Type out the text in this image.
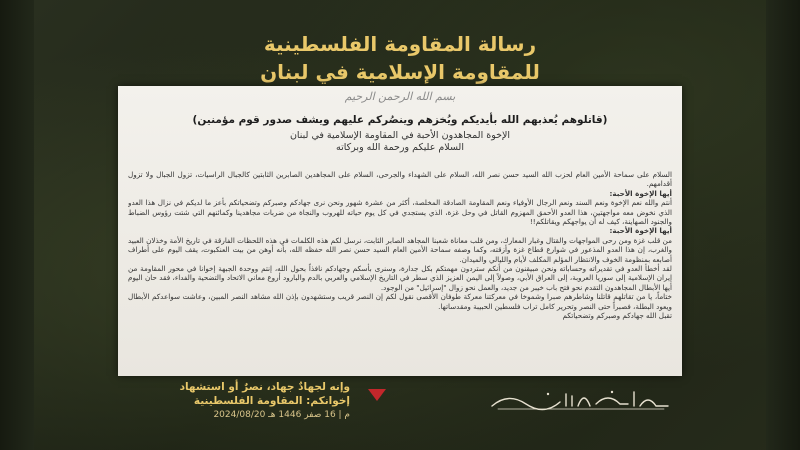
رسالة المقاومة الفلسطينية
للمقاومة الإسلامية في لبنان
بسم الله الرحمن الرحيم
(قاتلوهم يُعذبهم الله بأيديكم ويُخزهم وينصُركم عليهم ويشف صدور قوم مؤمنين)
الإخوة المجاهدون الأحبة في المقاومة الإسلامية في لبنان
السلام عليكم ورحمة الله وبركاته

السلام على سماحة الأمين العام لحزب الله السيد حسن نصر الله، السلام على الشهداء والجرحى، السلام على المجاهدين الصابرين الثابتين كالجبال الراسيات، تزول الجبال ولا تزول أقدامهم.

أيها الإخوة الأحبة:

أنتم والله نعم الإخوة ونعم السند ونعم الرجال الأوفياء ونعم المقاومة الصادقة المخلصة، أكثر من عشرة شهور ونحن نرى جهادكم وصبركم وتضحياتكم بأعز ما لديكم في نزال هذا العدو الذي نخوض معه مواجهتين، هذا العدو الأحمق المهزوم القاتل في وحل غزة، الذي يستجدي في كل يوم حياته للهروب والنجاة من ضربات مجاهدينا وكمائنهم التي شتت رؤوس الضباط والجنود الصهاينة، كيف له أن يواجهكم ويقاتلكم!!

أيها الإخوة الأحبة:

من قلب غزة ومن رحى المواجهات والقتال وغبار المعارك، ومن قلب معاناة شعبنا المجاهد الصابر الثابت، نرسل لكم هذه الكلمات في هذه اللحظات الفارقة في تاريخ الأمة وخذلان العبيد والغرب، إن هذا العدو المذعور في شوارع قطاع غزة وأزقته، وكما وصفه سماحة الأمين العام السيد حسن نصر الله حفظه الله، بأنه أوهن من بيت العنكبوت، يقف اليوم على أطراف أصابعه بمنظومة الخوف والانتظار المؤلم المكلف لأيام والليالي والميدان.

لقد أخطأ العدو في تقديراته وحساباته ونحن مبيقنون من أنكم ستردون مهمتكم بكل جدارة، وسنرى بأسكم وجهادكم نافذاً بحول الله، إنتم ووحدة الجبهة إخوانا في محور المقاومة من إيران الإسلامية إلى سوريا العروبة، إلى العراق الأبي، وصولاً إلى اليمن العزيز الذي سطر في التاريخ الإسلامي والعربي بالدم والبارود أروع معاني الاتحاد والتضحية والفداء، فقد حان اليوم أيها الأبطال المجاهدون التقدم نحو فتح باب خيبر من جديد، والعمل نحو زوال "إسرائيل" من الوجود.

ختاماً، يا من تقاتلهم قاتلنا وشاطرهم صبرا وشموخا في معركتنا معركة طوفان الأقصى نقول لكم إن النصر قريب وستشهدون بإذن الله مشاهد النصر المبين، وعاشت سواعدكم الأبطال ويعود البطلة، فصبراً حتى النصر وتحرير كامل تراب فلسطين الحبيبة ومقدساتها.

تقبل الله جهادكم وصبركم وتضحياتكم

وإنه لجهادٌ جهاد، نصرٌ أو استشهاد
إخوانكم: المقاومة الفلسطينية
2024/08/20 م | 16 صفر 1446 هـ
